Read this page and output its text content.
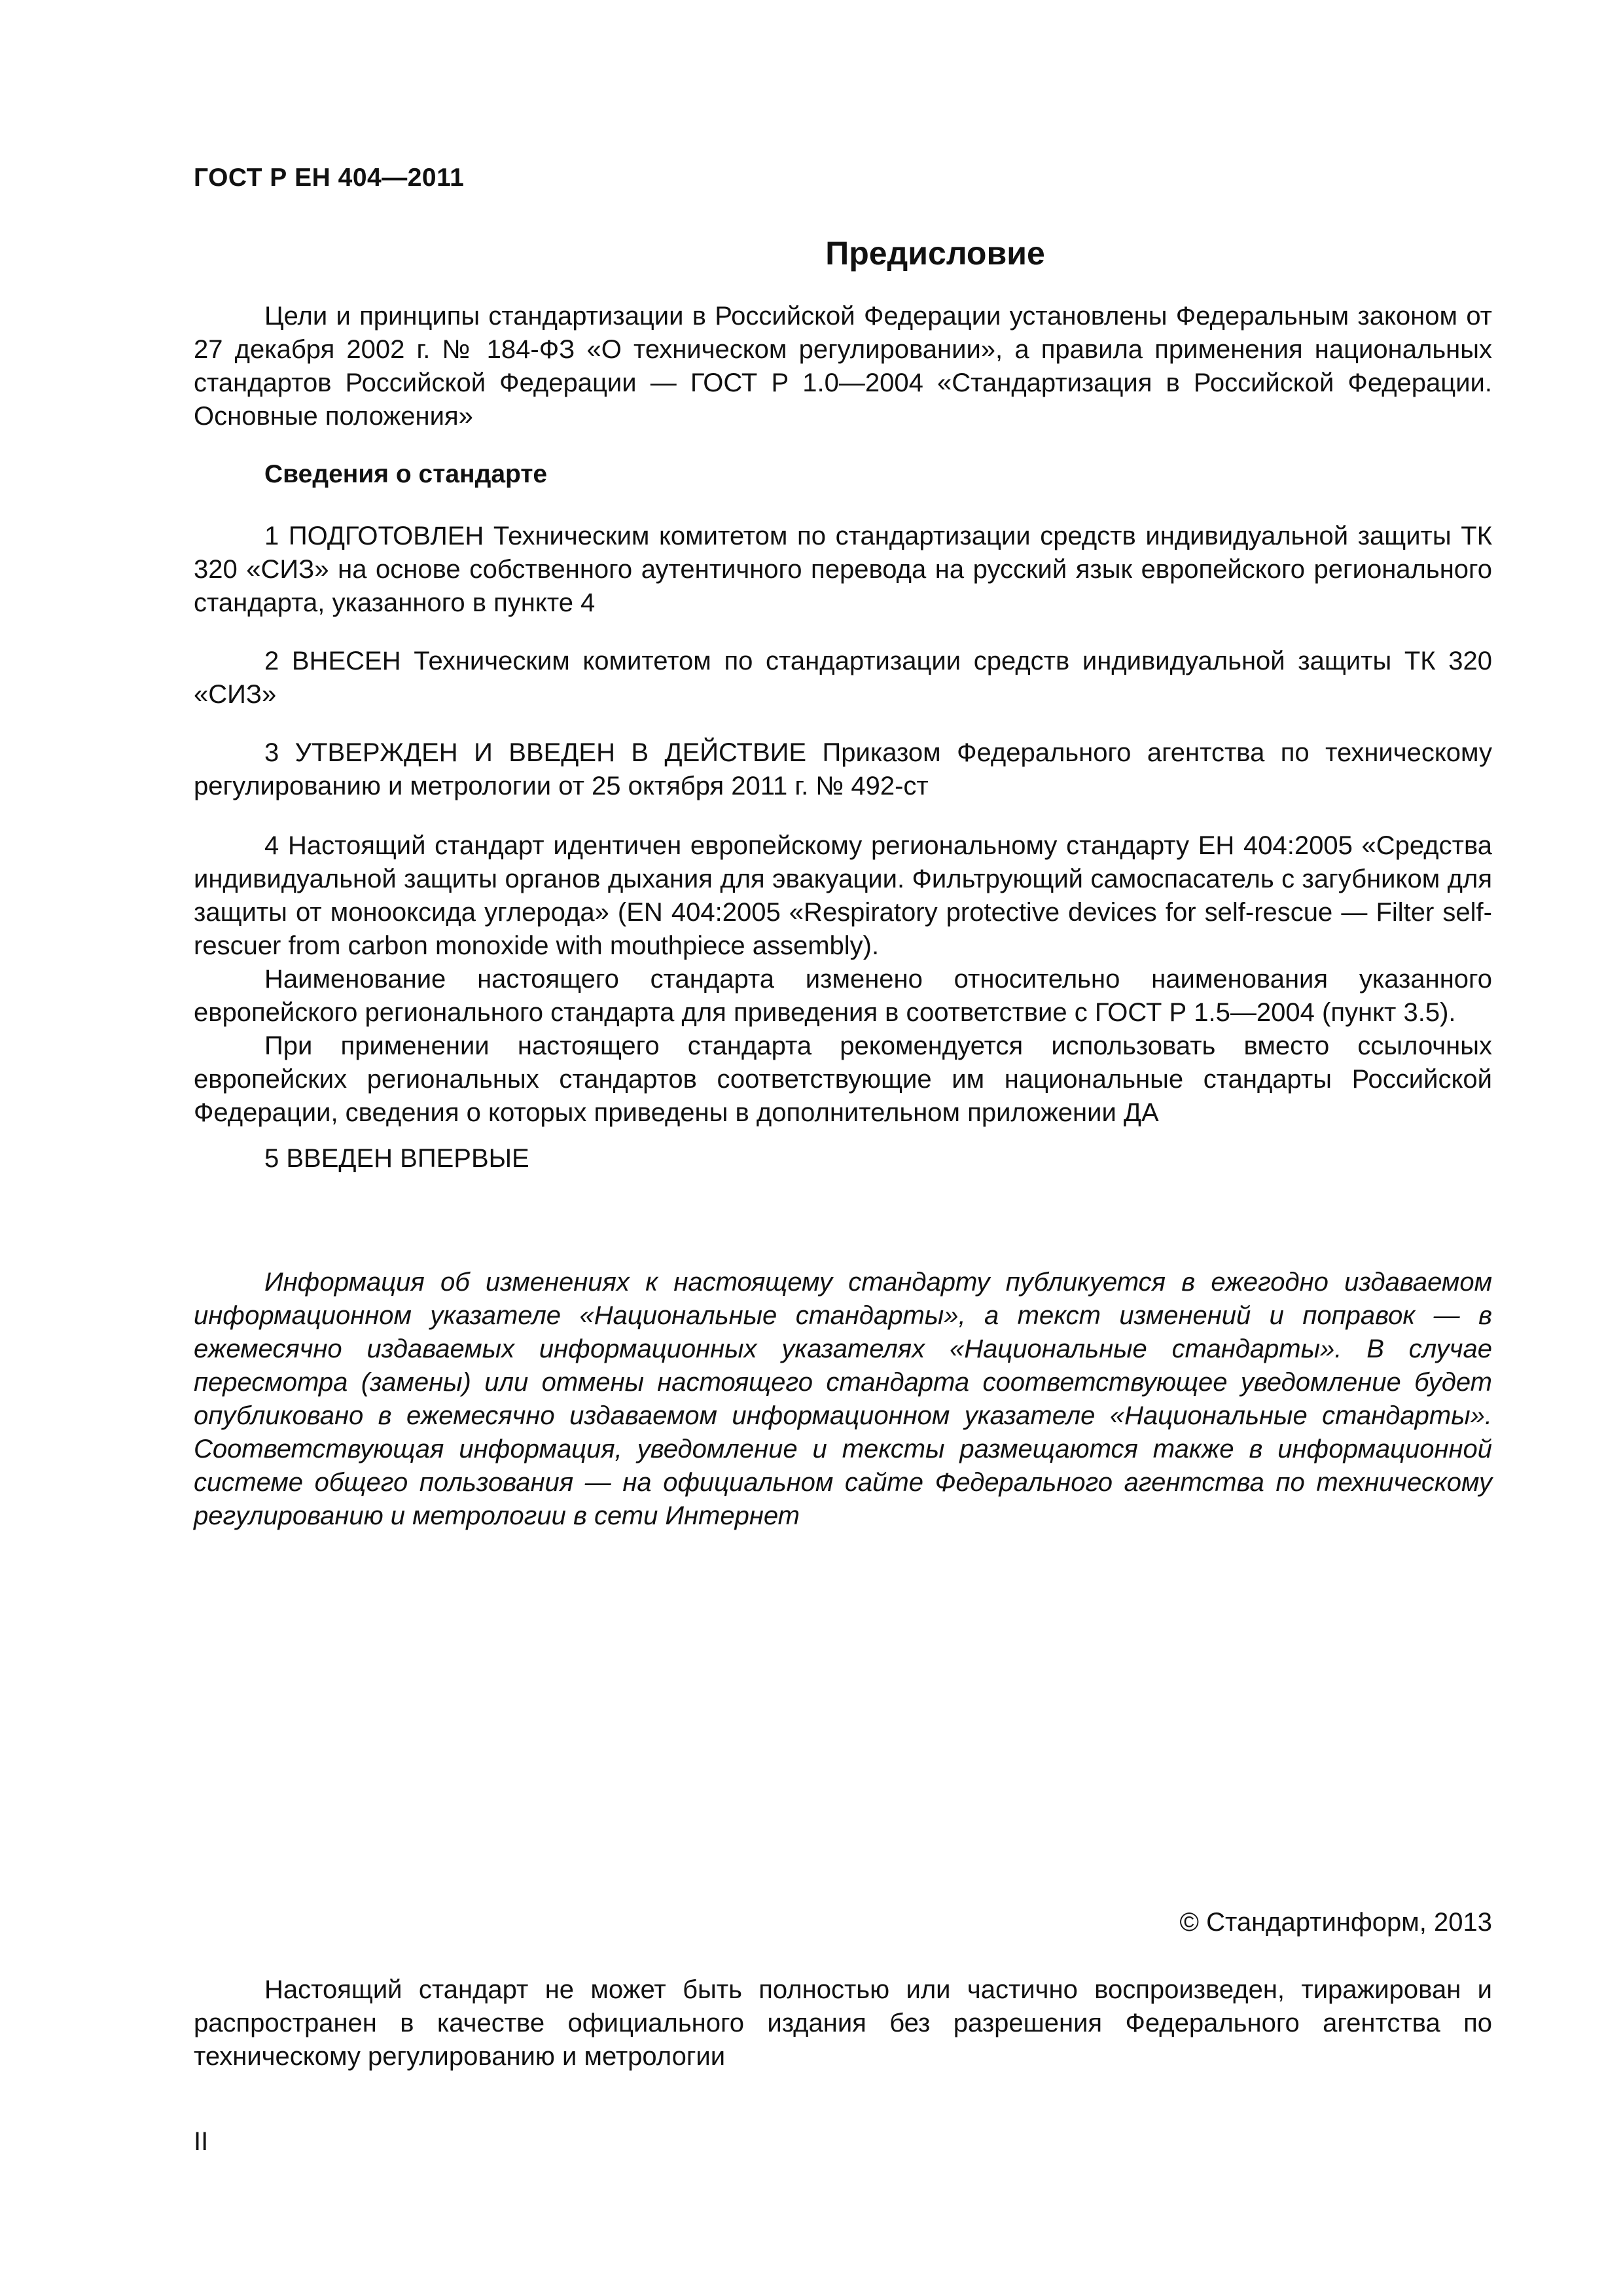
ГОСТ Р ЕН 404—2011
Предисловие
Цели и принципы стандартизации в Российской Федерации установлены Федеральным законом от 27 декабря 2002 г. № 184-ФЗ «О техническом регулировании», а правила применения национальных стандартов Российской Федерации — ГОСТ Р 1.0—2004 «Стандартизация в Российской Федерации. Основные положения»
Сведения о стандарте
1 ПОДГОТОВЛЕН Техническим комитетом по стандартизации средств индивидуальной защиты ТК 320 «СИЗ» на основе собственного аутентичного перевода на русский язык европейского регионального стандарта, указанного в пункте 4
2 ВНЕСЕН Техническим комитетом по стандартизации средств индивидуальной защиты ТК 320 «СИЗ»
3 УТВЕРЖДЕН И ВВЕДЕН В ДЕЙСТВИЕ Приказом Федерального агентства по техническому регулированию и метрологии от 25 октября 2011 г. № 492-ст

4 Настоящий стандарт идентичен европейскому региональному стандарту ЕН 404:2005 «Средства индивидуальной защиты органов дыхания для эвакуации. Фильтрующий самоспасатель с загубником для защиты от монооксида углерода» (EN 404:2005 «Respiratory protective devices for self-rescue — Filter self-rescuer from carbon monoxide with mouthpiece assembly).

Наименование настоящего стандарта изменено относительно наименования указанного европейского регионального стандарта для приведения в соответствие с ГОСТ Р 1.5—2004 (пункт 3.5).

При применении настоящего стандарта рекомендуется использовать вместо ссылочных европейских региональных стандартов соответствующие им национальные стандарты Российской Федерации, сведения о которых приведены в дополнительном приложении ДА

5 ВВЕДЕН ВПЕРВЫЕ
Информация об изменениях к настоящему стандарту публикуется в ежегодно издаваемом информационном указателе «Национальные стандарты», а текст изменений и поправок — в ежемесячно издаваемых информационных указателях «Национальные стандарты». В случае пересмотра (замены) или отмены настоящего стандарта соответствующее уведомление будет опубликовано в ежемесячно издаваемом информационном указателе «Национальные стандарты». Соответствующая информация, уведомление и тексты размещаются также в информационной системе общего пользования — на официальном сайте Федерального агентства по техническому регулированию и метрологии в сети Интернет
© Стандартинформ, 2013
Настоящий стандарт не может быть полностью или частично воспроизведен, тиражирован и распространен в качестве официального издания без разрешения Федерального агентства по техническому регулированию и метрологии
II
